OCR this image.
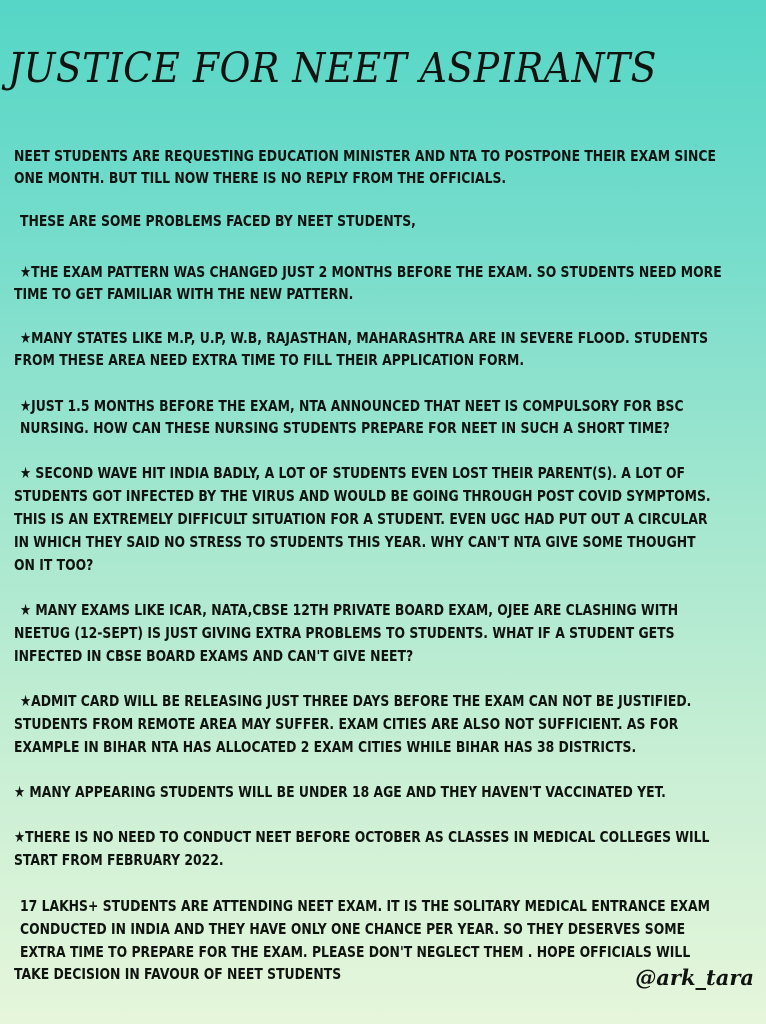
JUSTICE FOR NEET ASPIRANTS

NEET STUDENTS ARE REQUESTING EDUCATION MINISTER AND NTA TO POSTPONE THEIR EXAM SINCE

ONE MONTH. BUT TILL NOW THERE IS NO REPLY FROM THE OFFICIALS.

THESE ARE SOME PROBLEMS FACED BY NEET STUDENTS,

★THE EXAM PATTERN WAS CHANGED JUST 2 MONTHS BEFORE THE EXAM. SO STUDENTS NEED MORE

TIME TO GET FAMILIAR WITH THE NEW PATTERN.

★MANY STATES LIKE M.P, U.P, W.B, RAJASTHAN, MAHARASHTRA ARE IN SEVERE FLOOD. STUDENTS

FROM THESE AREA NEED EXTRA TIME TO FILL THEIR APPLICATION FORM.

★JUST 1.5 MONTHS BEFORE THE EXAM, NTA ANNOUNCED THAT NEET IS COMPULSORY FOR BSC

NURSING. HOW CAN THESE NURSING STUDENTS PREPARE FOR NEET IN SUCH A SHORT TIME?

★ SECOND WAVE HIT INDIA BADLY, A LOT OF STUDENTS EVEN LOST THEIR PARENT(S). A LOT OF

STUDENTS GOT INFECTED BY THE VIRUS AND WOULD BE GOING THROUGH POST COVID SYMPTOMS.

THIS IS AN EXTREMELY DIFFICULT SITUATION FOR A STUDENT. EVEN UGC HAD PUT OUT A CIRCULAR

IN WHICH THEY SAID NO STRESS TO STUDENTS THIS YEAR. WHY CAN'T NTA GIVE SOME THOUGHT

ON IT TOO?

★ MANY EXAMS LIKE ICAR, NATA,CBSE 12TH PRIVATE BOARD EXAM, OJEE ARE CLASHING WITH

NEETUG (12-SEPT) IS JUST GIVING EXTRA PROBLEMS TO STUDENTS. WHAT IF A STUDENT GETS

INFECTED IN CBSE BOARD EXAMS AND CAN'T GIVE NEET?

★ADMIT CARD WILL BE RELEASING JUST THREE DAYS BEFORE THE EXAM CAN NOT BE JUSTIFIED.

STUDENTS FROM REMOTE AREA MAY SUFFER. EXAM CITIES ARE ALSO NOT SUFFICIENT. AS FOR

EXAMPLE IN BIHAR NTA HAS ALLOCATED 2 EXAM CITIES WHILE BIHAR HAS 38 DISTRICTS.

★ MANY APPEARING STUDENTS WILL BE UNDER 18 AGE AND THEY HAVEN'T VACCINATED YET.

★THERE IS NO NEED TO CONDUCT NEET BEFORE OCTOBER AS CLASSES IN MEDICAL COLLEGES WILL

START FROM FEBRUARY 2022.

17 LAKHS+ STUDENTS ARE ATTENDING NEET EXAM. IT IS THE SOLITARY MEDICAL ENTRANCE EXAM

CONDUCTED IN INDIA AND THEY HAVE ONLY ONE CHANCE PER YEAR. SO THEY DESERVES SOME

EXTRA TIME TO PREPARE FOR THE EXAM. PLEASE DON'T NEGLECT THEM . HOPE OFFICIALS WILL

TAKE DECISION IN FAVOUR OF NEET STUDENTS	@ark_tara
